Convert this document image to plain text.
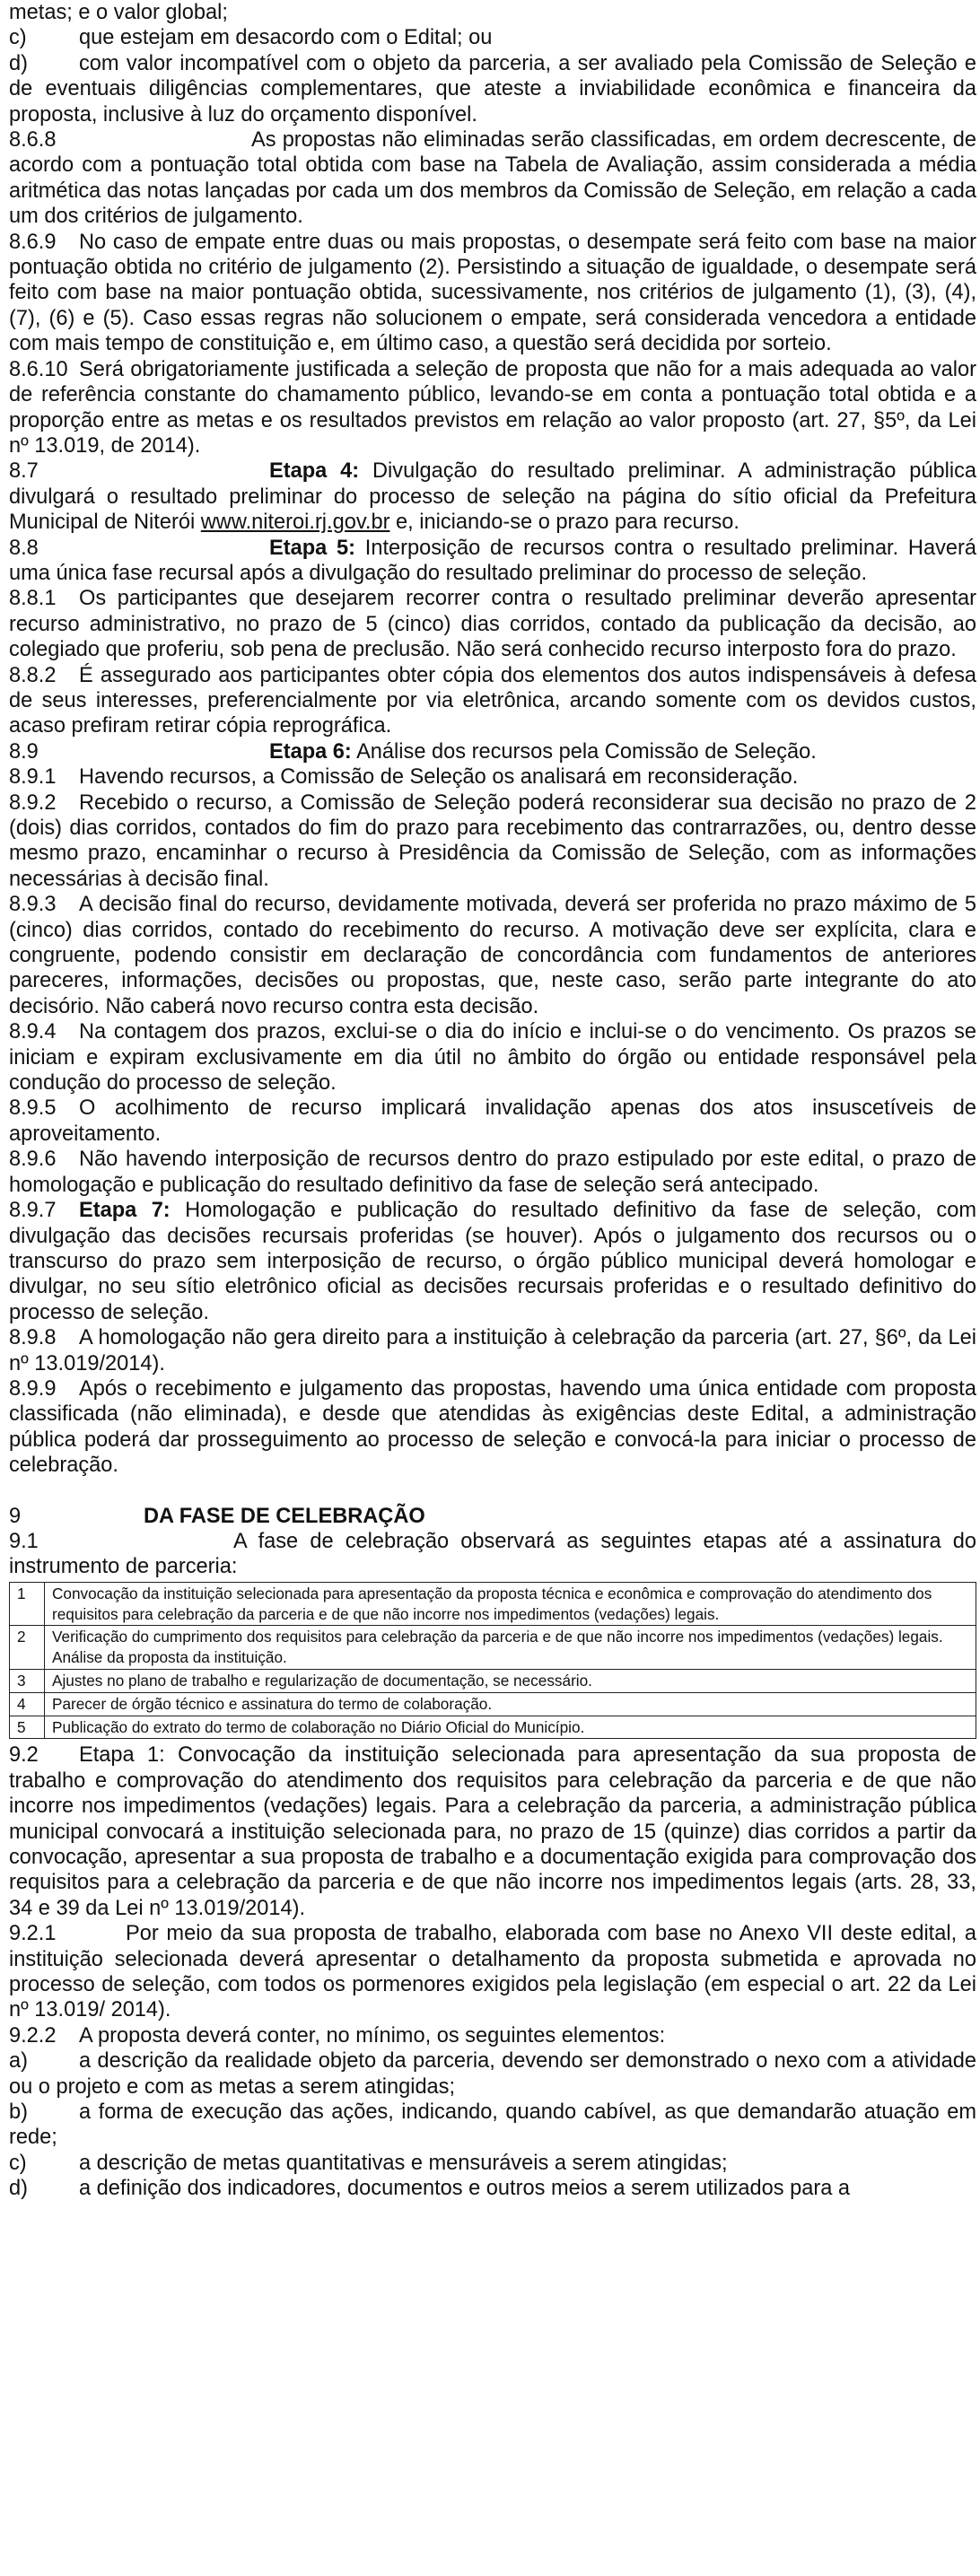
metas; e o valor global;

c) que estejam em desacordo com o Edital; ou

d) com valor incompatível com o objeto da parceria, a ser avaliado pela Comissão de Seleção e de eventuais diligências complementares, que ateste a inviabilidade econômica e financeira da proposta, inclusive à luz do orçamento disponível.

8.6.8	As propostas não eliminadas serão classificadas, em ordem decrescente, de acordo com a pontuação total obtida com base na Tabela de Avaliação, assim considerada a média aritmética das notas lançadas por cada um dos membros da Comissão de Seleção, em relação a cada um dos critérios de julgamento.

8.6.9 No caso de empate entre duas ou mais propostas, o desempate será feito com base na maior pontuação obtida no critério de julgamento (2). Persistindo a situação de igualdade, o desempate será feito com base na maior pontuação obtida, sucessivamente, nos critérios de julgamento (1), (3), (4), (7), (6) e (5). Caso essas regras não solucionem o empate, será considerada vencedora a entidade com mais tempo de constituição e, em último caso, a questão será decidida por sorteio.

8.6.10 Será obrigatoriamente justificada a seleção de proposta que não for a mais adequada ao valor de referência constante do chamamento público, levando-se em conta a pontuação total obtida e a proporção entre as metas e os resultados previstos em relação ao valor proposto (art. 27, §5º, da Lei nº 13.019, de 2014).

8.7	Etapa 4: Divulgação do resultado preliminar. A administração pública divulgará o resultado preliminar do processo de seleção na página do sítio oficial da Prefeitura Municipal de Niterói www.niteroi.rj.gov.br e, iniciando-se o prazo para recurso.

8.8	Etapa 5: Interposição de recursos contra o resultado preliminar. Haverá uma única fase recursal após a divulgação do resultado preliminar do processo de seleção.

8.8.1 Os participantes que desejarem recorrer contra o resultado preliminar deverão apresentar recurso administrativo, no prazo de 5 (cinco) dias corridos, contado da publicação da decisão, ao colegiado que proferiu, sob pena de preclusão. Não será conhecido recurso interposto fora do prazo.

8.8.2 É assegurado aos participantes obter cópia dos elementos dos autos indispensáveis à defesa de seus interesses, preferencialmente por via eletrônica, arcando somente com os devidos custos, acaso prefiram retirar cópia reprográfica.

8.9	Etapa 6: Análise dos recursos pela Comissão de Seleção.

8.9.1 Havendo recursos, a Comissão de Seleção os analisará em reconsideração.

8.9.2 Recebido o recurso, a Comissão de Seleção poderá reconsiderar sua decisão no prazo de 2 (dois) dias corridos, contados do fim do prazo para recebimento das contrarrazões, ou, dentro desse mesmo prazo, encaminhar o recurso à Presidência da Comissão de Seleção, com as informações necessárias à decisão final.

8.9.3 A decisão final do recurso, devidamente motivada, deverá ser proferida no prazo máximo de 5 (cinco) dias corridos, contado do recebimento do recurso. A motivação deve ser explícita, clara e congruente, podendo consistir em declaração de concordância com fundamentos de anteriores pareceres, informações, decisões ou propostas, que, neste caso, serão parte integrante do ato decisório. Não caberá novo recurso contra esta decisão.

8.9.4 Na contagem dos prazos, exclui-se o dia do início e inclui-se o do vencimento. Os prazos se iniciam e expiram exclusivamente em dia útil no âmbito do órgão ou entidade responsável pela condução do processo de seleção.

8.9.5 O acolhimento de recurso implicará invalidação apenas dos atos insuscetíveis de aproveitamento.

8.9.6 Não havendo interposição de recursos dentro do prazo estipulado por este edital, o prazo de homologação e publicação do resultado definitivo da fase de seleção será antecipado.

8.9.7 Etapa 7: Homologação e publicação do resultado definitivo da fase de seleção, com divulgação das decisões recursais proferidas (se houver). Após o julgamento dos recursos ou o transcurso do prazo sem interposição de recurso, o órgão público municipal deverá homologar e divulgar, no seu sítio eletrônico oficial as decisões recursais proferidas e o resultado definitivo do processo de seleção.

8.9.8 A homologação não gera direito para a instituição à celebração da parceria (art. 27, §6º, da Lei nº 13.019/2014).

8.9.9 Após o recebimento e julgamento das propostas, havendo uma única entidade com proposta classificada (não eliminada), e desde que atendidas às exigências deste Edital, a administração pública poderá dar prosseguimento ao processo de seleção e convocá-la para iniciar o processo de celebração.

9	DA FASE DE CELEBRAÇÃO

9.1	A fase de celebração observará as seguintes etapas até a assinatura do instrumento de parceria:

1	Convocação da instituição selecionada para apresentação da proposta técnica e econômica e comprovação do atendimento dos requisitos para celebração da parceria e de que não incorre nos impedimentos (vedações) legais.
2	Verificação do cumprimento dos requisitos para celebração da parceria e de que não incorre nos impedimentos (vedações) legais. Análise da proposta da instituição.
3	Ajustes no plano de trabalho e regularização de documentação, se necessário.
4	Parecer de órgão técnico e assinatura do termo de colaboração.
5	Publicação do extrato do termo de colaboração no Diário Oficial do Município.

9.2 Etapa 1: Convocação da instituição selecionada para apresentação da sua proposta de trabalho e comprovação do atendimento dos requisitos para celebração da parceria e de que não incorre nos impedimentos (vedações) legais. Para a celebração da parceria, a administração pública municipal convocará a instituição selecionada para, no prazo de 15 (quinze) dias corridos a partir da convocação, apresentar a sua proposta de trabalho e a documentação exigida para comprovação dos requisitos para a celebração da parceria e de que não incorre nos impedimentos legais (arts. 28, 33, 34 e 39 da Lei nº 13.019/2014).

9.2.1	Por meio da sua proposta de trabalho, elaborada com base no Anexo VII deste edital, a instituição selecionada deverá apresentar o detalhamento da proposta submetida e aprovada no processo de seleção, com todos os pormenores exigidos pela legislação (em especial o art. 22 da Lei nº 13.019/ 2014).

9.2.2 A proposta deverá conter, no mínimo, os seguintes elementos:

a) a descrição da realidade objeto da parceria, devendo ser demonstrado o nexo com a atividade ou o projeto e com as metas a serem atingidas;

b) a forma de execução das ações, indicando, quando cabível, as que demandarão atuação em rede;

c) a descrição de metas quantitativas e mensuráveis a serem atingidas;

d) a definição dos indicadores, documentos e outros meios a serem utilizados para a
